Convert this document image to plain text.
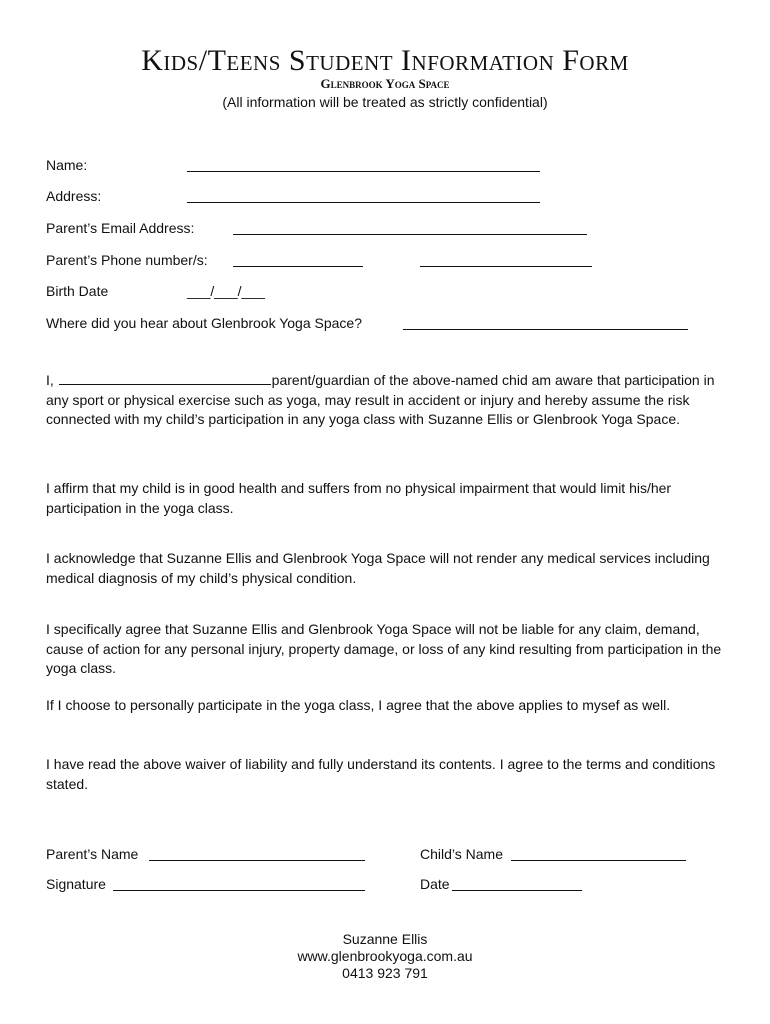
Kids/Teens Student Information Form
Glenbrook Yoga Space
(All information will be treated as strictly confidential)
Name:
Address:
Parent’s Email Address:
Parent’s Phone number/s:
Birth Date	___/___/___
Where did you hear about Glenbrook Yoga Space?
I,	parent/guardian of the above-named chid am aware that participation in any sport or physical exercise such as yoga, may result in accident or injury and hereby assume the risk connected with my child’s participation in any yoga class with Suzanne Ellis or Glenbrook Yoga Space.
I affirm that my child is in good health and suffers from no physical impairment that would limit his/her participation in the yoga class.
I acknowledge that Suzanne Ellis and Glenbrook Yoga Space will not render any medical services including medical diagnosis of my child’s physical condition.
I specifically agree that Suzanne Ellis and Glenbrook Yoga Space will not be liable for any claim, demand, cause of action for any personal injury, property damage, or loss of any kind resulting from participation in the yoga class.
If I choose to personally participate in the yoga class, I agree that the above applies to mysef as well.
I have read the above waiver of liability and fully understand its contents. I agree to the terms and conditions stated.
Parent’s Name	Child’s Name
Signature	Date
Suzanne Ellis
www.glenbrookyoga.com.au
0413 923 791
